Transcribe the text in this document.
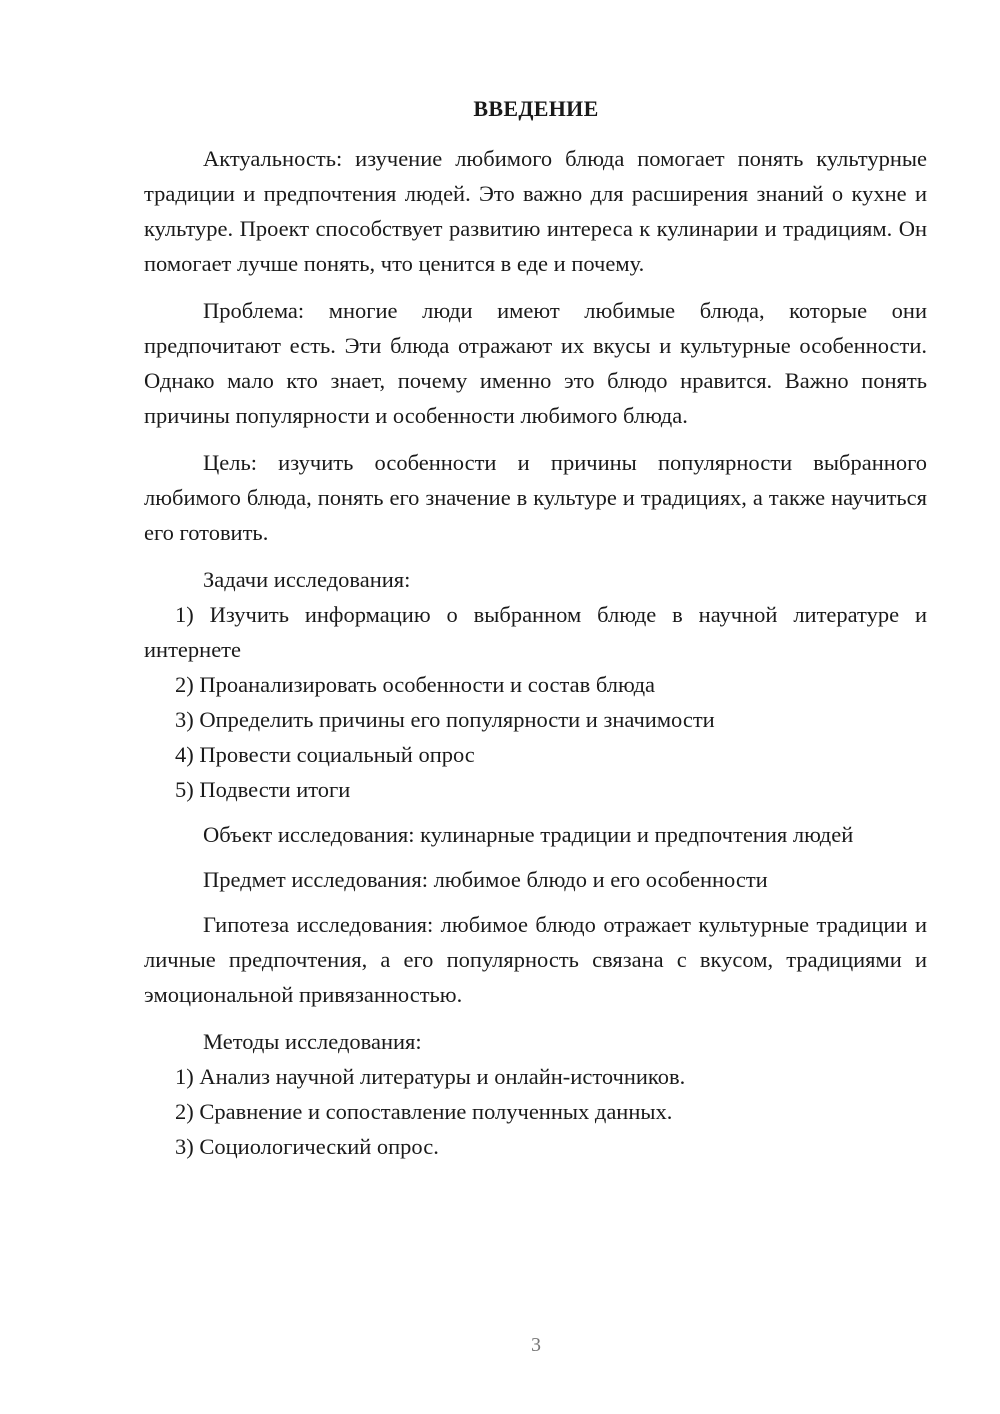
ВВЕДЕНИЕ

Актуальность: изучение любимого блюда помогает понять культурные традиции и предпочтения людей. Это важно для расширения знаний о кухне и культуре. Проект способствует развитию интереса к кулинарии и традициям. Он помогает лучше понять, что ценится в еде и почему.

Проблема: многие люди имеют любимые блюда, которые они предпочитают есть. Эти блюда отражают их вкусы и культурные особенности. Однако мало кто знает, почему именно это блюдо нравится. Важно понять причины популярности и особенности любимого блюда.

Цель: изучить особенности и причины популярности выбранного любимого блюда, понять его значение в культуре и традициях, а также научиться его готовить.

Задачи исследования:

1) Изучить информацию о выбранном блюде в научной литературе и интернете

2) Проанализировать особенности и состав блюда

3) Определить причины его популярности и значимости

4) Провести социальный опрос

5) Подвести итоги

Объект исследования: кулинарные традиции и предпочтения людей

Предмет исследования: любимое блюдо и его особенности

Гипотеза исследования: любимое блюдо отражает культурные традиции и личные предпочтения, а его популярность связана с вкусом, традициями и эмоциональной привязанностью.

Методы исследования:

1) Анализ научной литературы и онлайн-источников.

2) Сравнение и сопоставление полученных данных.

3) Социологический опрос.

3
